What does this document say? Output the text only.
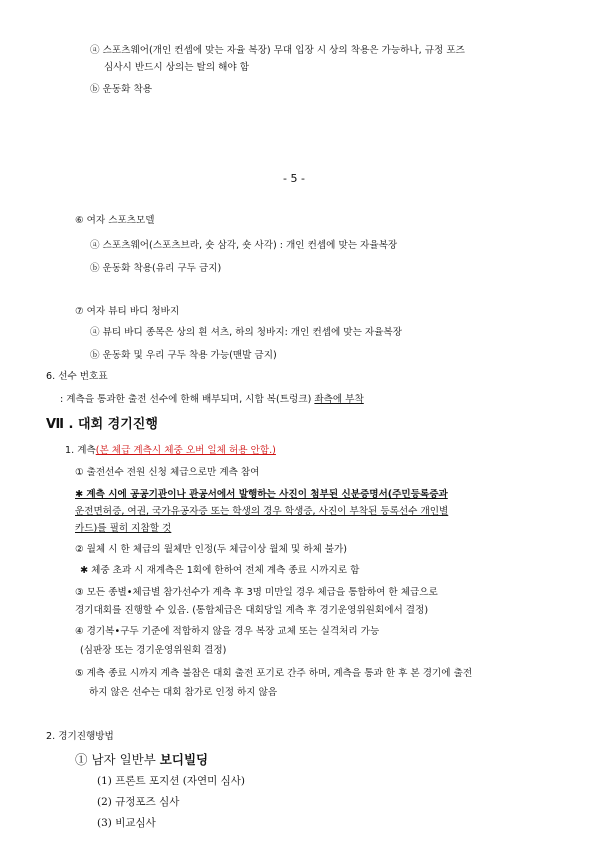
ⓐ 스포츠웨어(개인 컨셉에 맞는 자율 복장) 무대 입장 시 상의 착용은 가능하나, 규정 포즈
심사시 반드시 상의는 탈의 해야 함
ⓑ 운동화 착용
- 5 -
⑥ 여자 스포츠모델
ⓐ 스포츠웨어(스포츠브라, 숏 삼각, 숏 사각) : 개인 컨셉에 맞는 자율복장
ⓑ 운동화 착용(유리 구두 금지)
⑦ 여자 뷰티 바디 청바지
ⓐ 뷰티 바디 종목은 상의 흰 셔츠, 하의 청바지: 개인 컨셉에 맞는 자율복장
ⓑ 운동화 및 우리 구두 착용 가능(맨발 금지)
6. 선수 번호표
: 계측을 통과한 출전 선수에 한해 배부되며, 시합 복(트렁크) 좌측에 부착
Ⅶ . 대회 경기진행
1. 계측(본 체급 계측시 체중 오버 일체 허용 안함.)
① 출전선수 전원 신청 체급으로만 계측 참여
✱ 계측 시에 공공기관이나 관공서에서 발행하는 사진이 첨부된 신분증명서(주민등록증과
운전면허증, 여권, 국가유공자증 또는 학생의 경우 학생증, 사진이 부착된 등록선수 개인별
카드)를 필히 지참할 것
② 월체 시 한 체급의 월체만 인정(두 체급이상 월체 및 하체 불가)
✱ 체중 초과 시 재계측은 1회에 한하여 전체 계측 종료 시까지로 함
③ 모든 종별•체급별 참가선수가 계측 후 3명 미만일 경우 체급을 통합하여 한 체급으로
경기대회를 진행할 수 있음. (통합체급은 대회당일 계측 후 경기운영위원회에서 결정)
④ 경기복•구두 기준에 적합하지 않을 경우 복장 교체 또는 실격처리 가능
(심판장 또는 경기운영위원회 결정)
⑤ 계측 종료 시까지 계측 불참은 대회 출전 포기로 간주 하며, 계측을 통과 한 후 본 경기에 출전
하지 않은 선수는 대회 참가로 인정 하지 않음
2. 경기진행방법
① 남자 일반부 보디빌딩
(1) 프론트 포지션 (자연미 심사)
(2) 규정포즈 심사
(3) 비교심사
